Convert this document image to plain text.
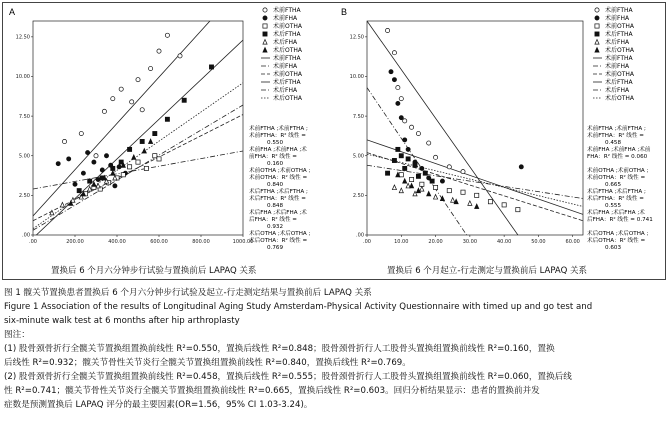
A
12.50
10.00
7.50
5.00
2.50
.00
.00	200.00	400.00	600.00	800.00	1000.00
术前FTHA
术前FHA
术前OTHA
术后FTHA
术后FHA
术后OTHA
术前FTHA
术前FHA
术前OTHA
术后FTHA
术后FHA
术后OTHA
术前FTHA ;术前FTHA ;
术前FTHA：R² 线性 =
0.550
术前FHA ;术前FHA ;术
前FHA：R² 线性 =
0.160
术前OTHA ;术前OTHA ;
术前OTHA：R² 线性 =
0.840
术后FTHA ;术后FTHA ;
术后FTHA：R² 线性 =
0.848
术后FHA ;术后FHA ;术
后FHA：R² 线性 =
0.932
术后OTHA ;术后OTHA ;
术后OTHA：R² 线性 =
0.769
B
12.50
10.00
7.50
5.00
2.50
.00
.00	10.00	20.00	30.00	40.00	50.00	60.00
术前FTHA
术前FHA
术前OTHA
术后FTHA
术后FHA
术后OTHA
术前FTHA
术前FHA
术前OTHA
术后FTHA
术后FHA
术后OTHA
术前FTHA ;术前FTHA ;
术前FTHA：R² 线性 =
0.458
术前FHA ;术前FHA ;术前
FHA：R² 线性 = 0.060
术前OTHA ;术前OTHA ;
术前OTHA：R² 线性 =
0.665
术后FTHA ;术后FTHA ;
术后FTHA：R² 线性 =
0.555
术后FHA ;术后FHA ;术
后FHA：R² 线性 = 0.741
术后OTHA ;术后OTHA ;
术后OTHA：R² 线性 =
0.603
置换后 6 个月六分钟步行试验与置换前后 LAPAQ 关系	置换后 6 个月起立-行走测定与置换前后 LAPAQ 关系
图 1 髋关节置换患者置换后 6 个月六分钟步行试验及起立-行走测定结果与置换前后 LAPAQ 关系
Figure 1 Association of the results of Longitudinal Aging Study Amsterdam-Physical Activity Questionnaire with timed up and go test and
six-minute walk test at 6 months after hip arthroplasty
图注：
(1) 股骨颈骨折行全髋关节置换组置换前线性 R²=0.550，置换后线性 R²=0.848；股骨颈骨折行人工股骨头置换组置换前线性 R²=0.160，置换
后线性 R²=0.932；髋关节骨性关节炎行全髋关节置换组置换前线性 R²=0.840，置换后线性 R²=0.769。
(2) 股骨颈骨折行全髋关节置换组置换前线性 R²=0.458，置换后线性 R²=0.555；股骨颈骨折行人工股骨头置换组置换前线性 R²=0.060，置换后线
性 R²=0.741；髋关节骨性关节炎行全髋关节置换组置换前线性 R²=0.665，置换后线性 R²=0.603。回归分析结果显示：患者的置换前并发
症数是预测置换后 LAPAQ 评分的最主要因素(OR=1.56，95% CI 1.03-3.24)。
